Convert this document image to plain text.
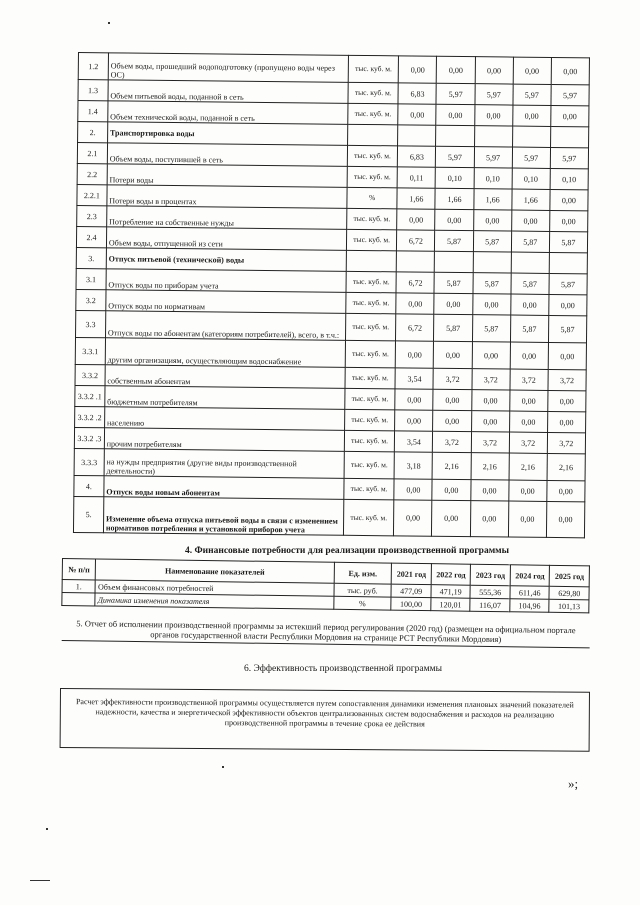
1.2	Объем воды, прошедший водоподготовку (пропущено воды через ОС)	тыс. куб. м.	0,00	0,00	0,00	0,00	0,00
1.3	Объем питьевой воды, поданной в сеть	тыс. куб. м.	6,83	5,97	5,97	5,97	5,97
1.4	Объем технической воды, поданной в сеть	тыс. куб. м.	0,00	0,00	0,00	0,00	0,00
2.	Транспортировка воды						
2.1	Объем воды, поступившей в сеть	тыс. куб. м.	6,83	5,97	5,97	5,97	5,97
2.2	Потери воды	тыс. куб. м.	0,11	0,10	0,10	0,10	0,10
2.2.1	Потери воды в процентах	%	1,66	1,66	1,66	1,66	0,00
2.3	Потребление на собственные нужды	тыс. куб. м.	0,00	0,00	0,00	0,00	0,00
2.4	Объем воды, отпущенной из сети	тыс. куб. м.	6,72	5,87	5,87	5,87	5,87
3.	Отпуск питьевой (технической) воды						
3.1	Отпуск воды по приборам учета	тыс. куб. м.	6,72	5,87	5,87	5,87	5,87
3.2	Отпуск воды по нормативам	тыс. куб. м.	0,00	0,00	0,00	0,00	0,00
3.3	Отпуск воды по абонентам (категориям потребителей), всего, в т.ч.:	тыс. куб. м.	6,72	5,87	5,87	5,87	5,87
3.3.1	другим организациям, осуществляющим водоснабжение	тыс. куб. м.	0,00	0,00	0,00	0,00	0,00
3.3.2	собственным абонентам	тыс. куб. м.	3,54	3,72	3,72	3,72	3,72
3.3.2 .1	бюджетным потребителям	тыс. куб. м.	0,00	0,00	0,00	0,00	0,00
3.3.2 .2	населению	тыс. куб. м.	0,00	0,00	0,00	0,00	0,00
3.3.2 .3	прочим потребителям	тыс. куб. м.	3,54	3,72	3,72	3,72	3,72
3.3.3	на нужды предприятия (другие виды производственной деятельности)	тыс. куб. м.	3,18	2,16	2,16	2,16	2,16
4.	Отпуск воды новым абонентам	тыс. куб. м.	0,00	0,00	0,00	0,00	0,00
5.	Изменение объема отпуска питьевой воды в связи с изменением нормативов потребления и установкой приборов учета	тыс. куб. м.	0,00	0,00	0,00	0,00	0,00
4. Финансовые потребности для реализации производственной программы
№ п/п	Наименование показателей	Ед. изм.	2021 год	2022 год	2023 год	2024 год	2025 год
1.	Объем финансовых потребностей	тыс. руб.	477,09	471,19	555,36	611,46	629,80
	Динамика изменения показателя	%	100,00	120,01	116,07	104,96	101,13
5. Отчет об исполнении производственной программы за истекший период регулирования (2020 год) (размещен на официальном портале органов государственной власти Республики Мордовия на странице РСТ Республики Мордовия)
6. Эффективность производственной программы
Расчет эффективности производственной программы осуществляется путем сопоставления динамики изменения плановых значений показателей надежности, качества и энергетической эффективности объектов централизованных систем водоснабжения и расходов на реализацию производственной программы в течение срока ее действия
»;
